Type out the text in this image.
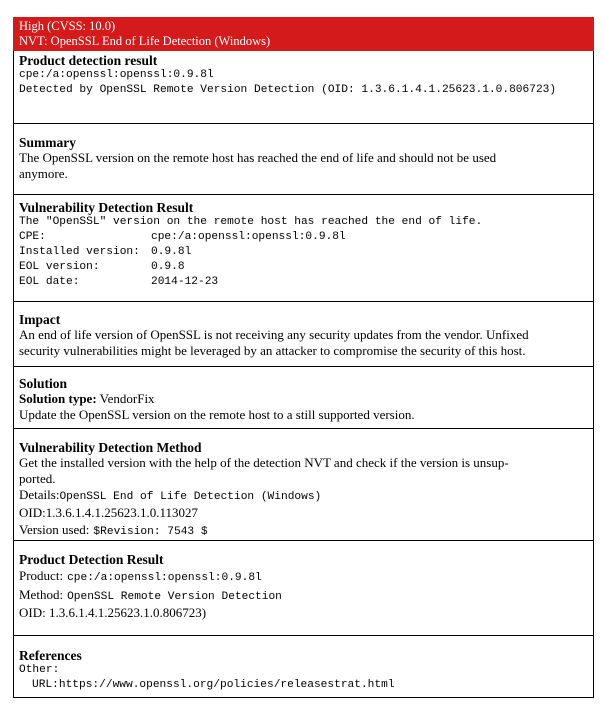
High (CVSS: 10.0)
NVT: OpenSSL End of Life Detection (Windows)
Product detection result
cpe:/a:openssl:openssl:0.9.8l
Detected by OpenSSL Remote Version Detection (OID: 1.3.6.1.4.1.25623.1.0.806723)
Summary
The OpenSSL version on the remote host has reached the end of life and should not be used
anymore.
Vulnerability Detection Result
The "OpenSSL" version on the remote host has reached the end of life.
CPE:	cpe:/a:openssl:openssl:0.9.8l
Installed version: 0.9.8l
EOL version:	0.9.8
EOL date:	2014-12-23
Impact
An end of life version of OpenSSL is not receiving any security updates from the vendor. Unfixed
security vulnerabilities might be leveraged by an attacker to compromise the security of this host.
Solution
Solution type: VendorFix
Update the OpenSSL version on the remote host to a still supported version.
Vulnerability Detection Method
Get the installed version with the help of the detection NVT and check if the version is unsup-
ported.
Details:OpenSSL End of Life Detection (Windows)
OID:1.3.6.1.4.1.25623.1.0.113027
Version used: $Revision: 7543 $
Product Detection Result
Product: cpe:/a:openssl:openssl:0.9.8l
Method: OpenSSL Remote Version Detection
OID: 1.3.6.1.4.1.25623.1.0.806723)
References
Other:
URL:https://www.openssl.org/policies/releasestrat.html
